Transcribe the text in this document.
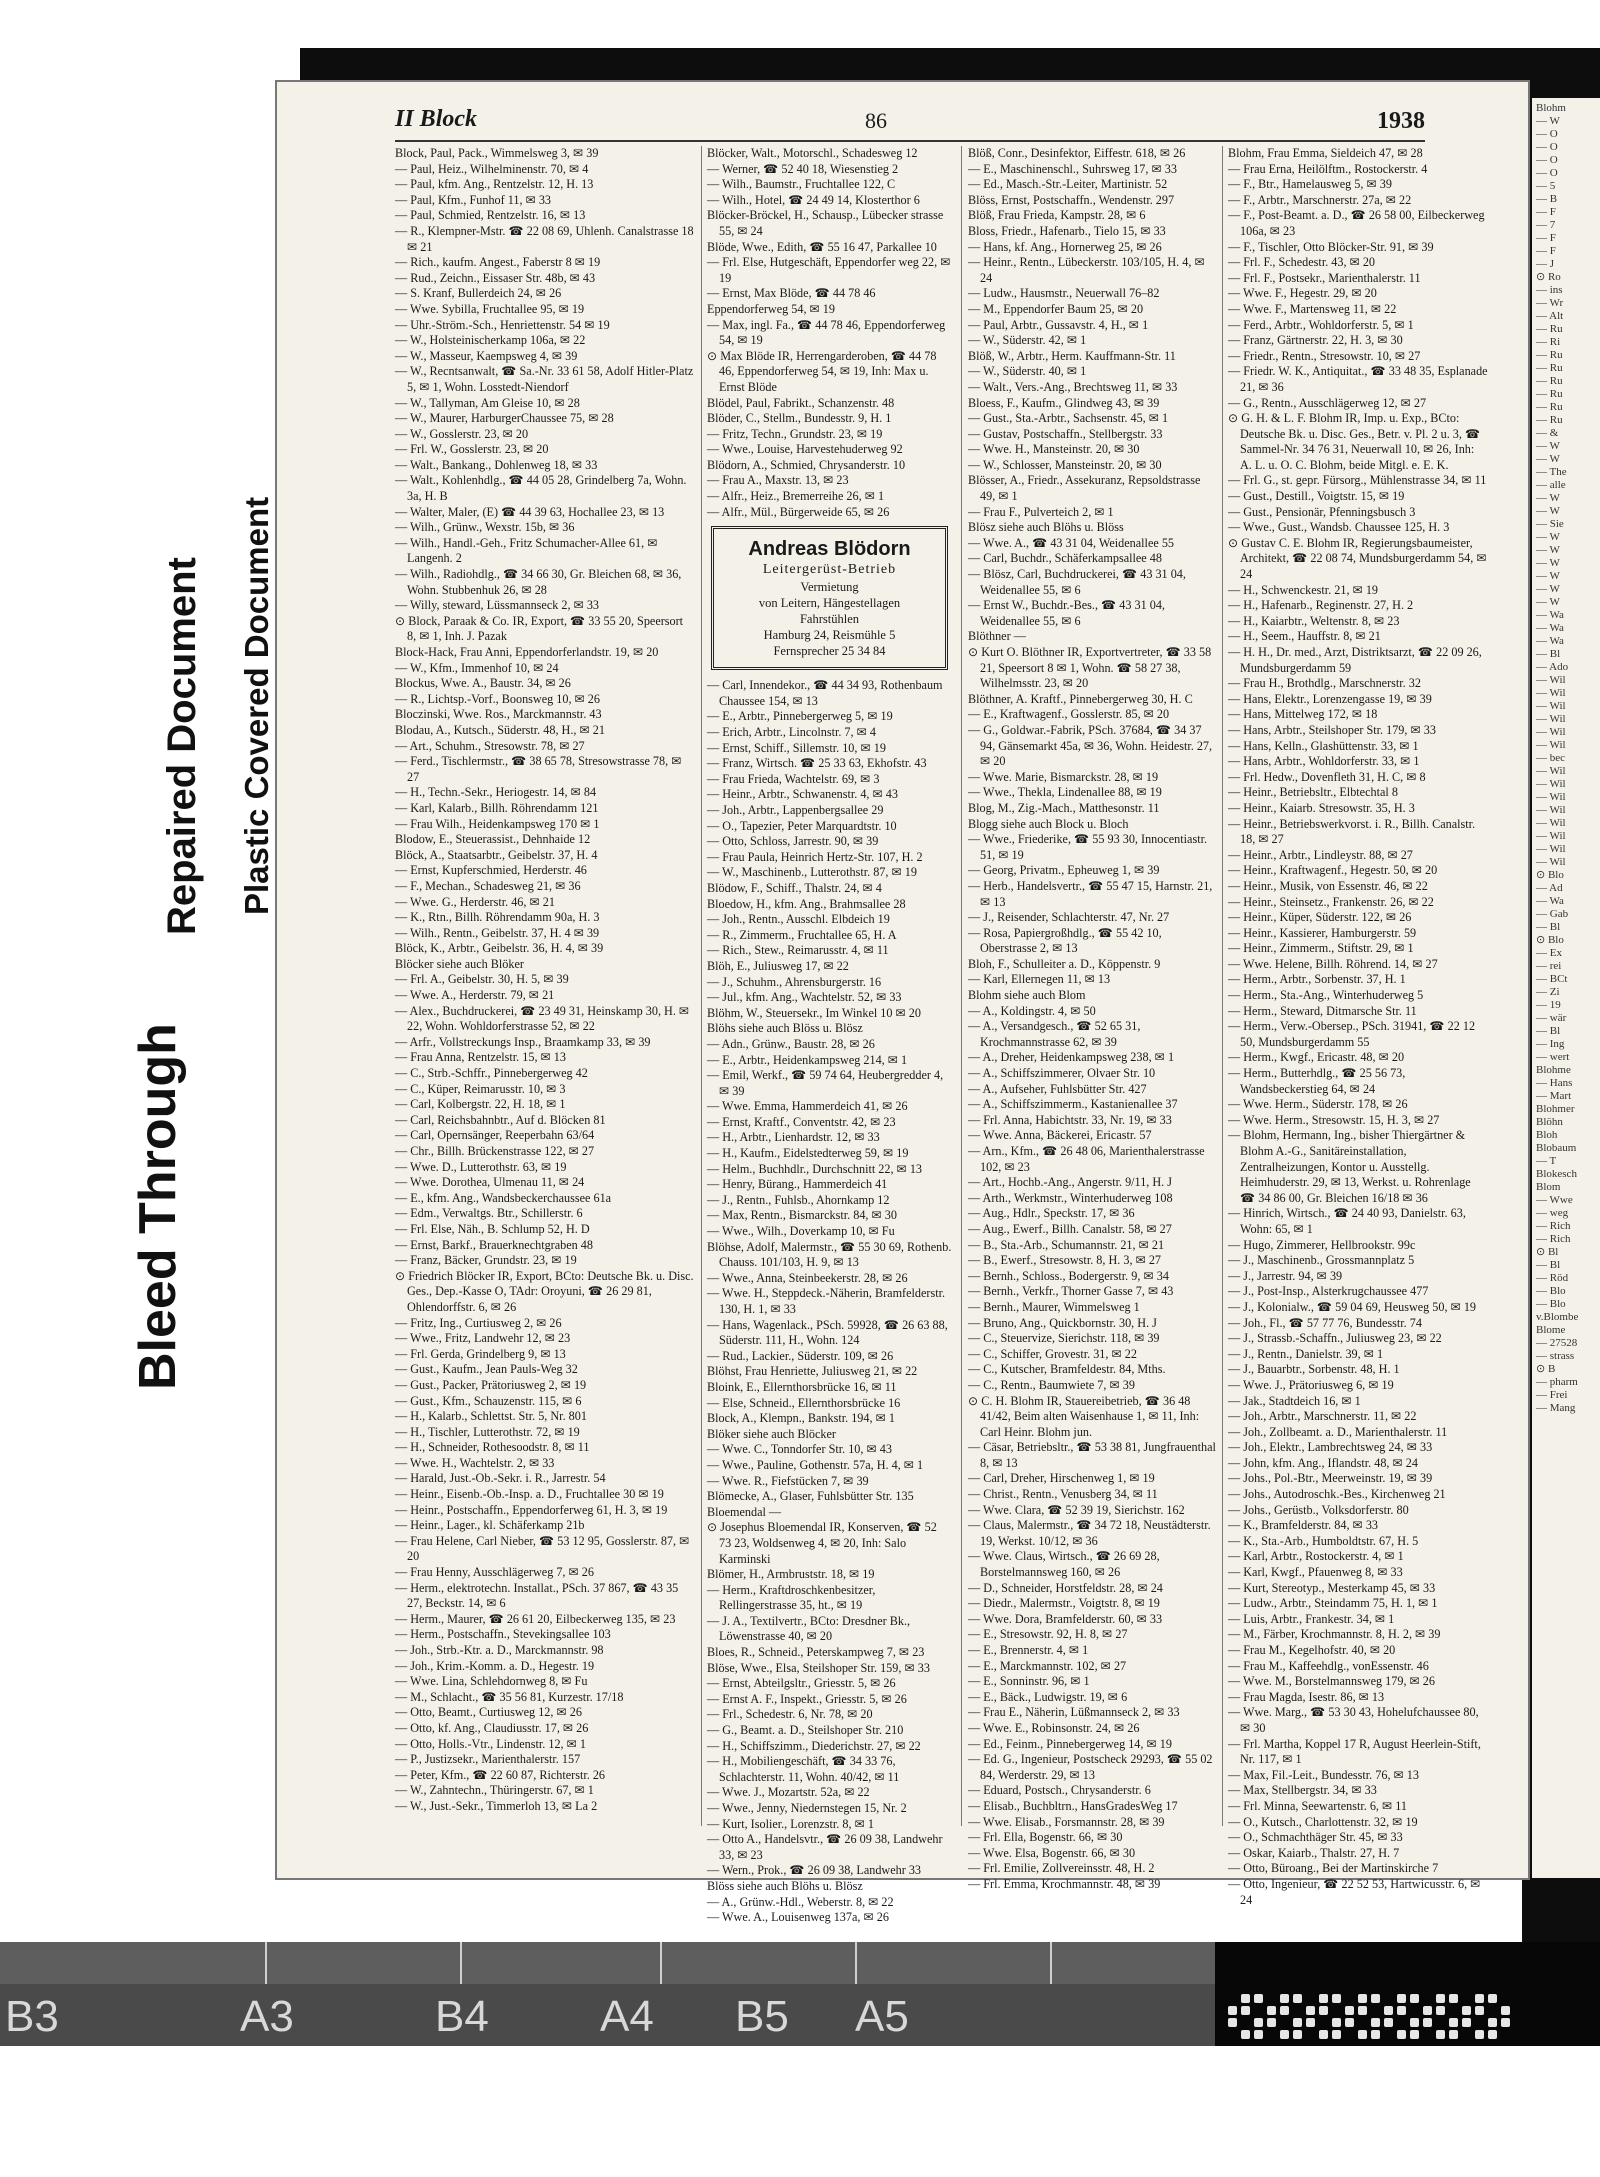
Bleed Through
Repaired Document Plastic Covered Document
II Block	86	1938
Block, Paul, Pack., Wimmelsweg 3, ✉ 39
— Paul, Heiz., Wilhelminenstr. 70, ✉ 4
— Paul, kfm. Ang., Rentzelstr. 12, H. 13
— Paul, Kfm., Funhof 11, ✉ 33
— Paul, Schmied, Rentzelstr. 16, ✉ 13
— R., Klempner-Mstr. ☎ 22 08 69, Uhlenh. Canalstrasse 18 ✉ 21
— Rich., kaufm. Angest., Faberstr 8 ✉ 19
— Rud., Zeichn., Eissaser Str. 48b, ✉ 43
— S. Kranf, Bullerdeich 24, ✉ 26
— Wwe. Sybilla, Fruchtallee 95, ✉ 19
— Uhr.-Ström.-Sch., Henriettenstr. 54 ✉ 19
— W., Holsteinischerkamp 106a, ✉ 22
— W., Masseur, Kaempsweg 4, ✉ 39
— W., Recntsanwalt, ☎ Sa.-Nr. 33 61 58, Adolf Hitler-Platz 5, ✉ 1, Wohn. Losstedt-Niendorf
— W., Tallyman, Am Gleise 10, ✉ 28
— W., Maurer, HarburgerChaussee 75, ✉ 28
— W., Gosslerstr. 23, ✉ 20
— Frl. W., Gosslerstr. 23, ✉ 20
— Walt., Bankang., Dohlenweg 18, ✉ 33
— Walt., Kohlenhdlg., ☎ 44 05 28, Grindelberg 7a, Wohn. 3a, H. B
— Walter, Maler, (E) ☎ 44 39 63, Hochallee 23, ✉ 13
— Wilh., Grünw., Wexstr. 15b, ✉ 36
— Wilh., Handl.-Geh., Fritz Schumacher-Allee 61, ✉ Langenh. 2
— Wilh., Radiohdlg., ☎ 34 66 30, Gr. Bleichen 68, ✉ 36, Wohn. Stubbenhuk 26, ✉ 28
— Willy, steward, Lüssmannseck 2, ✉ 33
⊙ Block, Paraak & Co. IR, Export, ☎ 33 55 20, Speersort 8, ✉ 1, Inh. J. Pazak
Block-Hack, Frau Anni, Eppendorferlandstr. 19, ✉ 20
— W., Kfm., Immenhof 10, ✉ 24
Blockus, Wwe. A., Baustr. 34, ✉ 26
— R., Lichtsp.-Vorf., Boonsweg 10, ✉ 26
Bloczinski, Wwe. Ros., Marckmannstr. 43
Blodau, A., Kutsch., Süderstr. 48, H., ✉ 21
— Art., Schuhm., Stresowstr. 78, ✉ 27
— Ferd., Tischlermstr., ☎ 38 65 78, Stresowstrasse 78, ✉ 27
— H., Techn.-Sekr., Heriogestr. 14, ✉ 84
— Karl, Kalarb., Billh. Röhrendamm 121
— Frau Wilh., Heidenkampsweg 170 ✉ 1
Blodow, E., Steuerassist., Dehnhaide 12
Blöck, A., Staatsarbtr., Geibelstr. 37, H. 4
— Ernst, Kupferschmied, Herderstr. 46
— F., Mechan., Schadesweg 21, ✉ 36
— Wwe. G., Herderstr. 46, ✉ 21
— K., Rtn., Billh. Röhrendamm 90a, H. 3
— Wilh., Rentn., Geibelstr. 37, H. 4 ✉ 39
Blöck, K., Arbtr., Geibelstr. 36, H. 4, ✉ 39
Blöcker siehe auch Blöker
— Frl. A., Geibelstr. 30, H. 5, ✉ 39
— Wwe. A., Herderstr. 79, ✉ 21
— Alex., Buchdruckerei, ☎ 23 49 31, Heinskamp 30, H. ✉ 22, Wohn. Wohldorferstrasse 52, ✉ 22
— Arfr., Vollstreckungs Insp., Braamkamp 33, ✉ 39
— Frau Anna, Rentzelstr. 15, ✉ 13
— C., Strb.-Schffr., Pinnebergerweg 42
— C., Küper, Reimarusstr. 10, ✉ 3
— Carl, Kolbergstr. 22, H. 18, ✉ 1
— Carl, Reichsbahnbtr., Auf d. Blöcken 81
— Carl, Opernsänger, Reeperbahn 63/64
— Chr., Billh. Brückenstrasse 122, ✉ 27
— Wwe. D., Lutterothstr. 63, ✉ 19
— Wwe. Dorothea, Ulmenau 11, ✉ 24
— E., kfm. Ang., Wandsbeckerchaussee 61a
— Edm., Verwaltgs. Btr., Schillerstr. 6
— Frl. Else, Näh., B. Schlump 52, H. D
— Ernst, Barkf., Brauerknechtgraben 48
— Franz, Bäcker, Grundstr. 23, ✉ 19
⊙ Friedrich Blöcker IR, Export, BCto: Deutsche Bk. u. Disc. Ges., Dep.-Kasse O, TAdr: Oroyuni, ☎ 26 29 81, Ohlendorffstr. 6, ✉ 26
— Fritz, Ing., Curtiusweg 2, ✉ 26
— Wwe., Fritz, Landwehr 12, ✉ 23
— Frl. Gerda, Grindelberg 9, ✉ 13
— Gust., Kaufm., Jean Pauls-Weg 32
— Gust., Packer, Prätoriusweg 2, ✉ 19
— Gust., Kfm., Schauzenstr. 115, ✉ 6
— H., Kalarb., Schlettst. Str. 5, Nr. 801
— H., Tischler, Lutterothstr. 72, ✉ 19
— H., Schneider, Rothesoodstr. 8, ✉ 11
— Wwe. H., Wachtelstr. 2, ✉ 33
— Harald, Just.-Ob.-Sekr. i. R., Jarrestr. 54
— Heinr., Eisenb.-Ob.-Insp. a. D., Fruchtallee 30 ✉ 19
— Heinr., Postschaffn., Eppendorferweg 61, H. 3, ✉ 19
— Heinr., Lager., kl. Schäferkamp 21b
— Frau Helene, Carl Nieber, ☎ 53 12 95, Gosslerstr. 87, ✉ 20
— Frau Henny, Ausschlägerweg 7, ✉ 26
— Herm., elektrotechn. Installat., PSch. 37 867, ☎ 43 35 27, Beckstr. 14, ✉ 6
— Herm., Maurer, ☎ 26 61 20, Eilbeckerweg 135, ✉ 23
— Herm., Postschaffn., Stevekingsallee 103
— Joh., Strb.-Ktr. a. D., Marckmannstr. 98
— Joh., Krim.-Komm. a. D., Hegestr. 19
— Wwe. Lina, Schlehdornweg 8, ✉ Fu
— M., Schlacht., ☎ 35 56 81, Kurzestr. 17/18
— Otto, Beamt., Curtiusweg 12, ✉ 26
— Otto, kf. Ang., Claudiusstr. 17, ✉ 26
— Otto, Holls.-Vtr., Lindenstr. 12, ✉ 1
— P., Justizsekr., Marienthalerstr. 157
— Peter, Kfm., ☎ 22 60 87, Richterstr. 26
— W., Zahntechn., Thüringerstr. 67, ✉ 1
— W., Just.-Sekr., Timmerloh 13, ✉ La 2
Blöcker, Walt., Motorschl., Schadesweg 12
— Werner, ☎ 52 40 18, Wiesenstieg 2
— Wilh., Baumstr., Fruchtallee 122, C
— Wilh., Hotel, ☎ 24 49 14, Klosterthor 6
Blöcker-Bröckel, H., Schausp., Lübecker strasse 55, ✉ 24
Blöde, Wwe., Edith, ☎ 55 16 47, Parkallee 10
— Frl. Else, Hutgeschäft, Eppendorfer weg 22, ✉ 19
— Ernst, Max Blöde, ☎ 44 78 46
Eppendorferweg 54, ✉ 19
— Max, ingl. Fa., ☎ 44 78 46, Eppendorferweg 54, ✉ 19
⊙ Max Blöde IR, Herrengarderoben, ☎ 44 78 46, Eppendorferweg 54, ✉ 19, Inh: Max u. Ernst Blöde
Blödel, Paul, Fabrikt., Schanzenstr. 48
Blöder, C., Stellm., Bundesstr. 9, H. 1
— Fritz, Techn., Grundstr. 23, ✉ 19
— Wwe., Louise, Harvestehuderweg 92
Blödorn, A., Schmied, Chrysanderstr. 10
— Frau A., Maxstr. 13, ✉ 23
— Alfr., Heiz., Bremerreihe 26, ✉ 1
— Alfr., Mül., Bürgerweide 65, ✉ 26
Andreas Blödorn
Leitergerüst-Betrieb
Vermietung
von Leitern, Hängestellagen
Fahrstühlen
Hamburg 24, Reismühle 5
Fernsprecher 25 34 84
— Carl, Innendekor., ☎ 44 34 93, Rothenbaum Chaussee 154, ✉ 13
— E., Arbtr., Pinnebergerweg 5, ✉ 19
— Erich, Arbtr., Lincolnstr. 7, ✉ 4
— Ernst, Schiff., Sillemstr. 10, ✉ 19
— Franz, Wirtsch. ☎ 25 33 63, Ekhofstr. 43
— Frau Frieda, Wachtelstr. 69, ✉ 3
— Heinr., Arbtr., Schwanenstr. 4, ✉ 43
— Joh., Arbtr., Lappenbergsallee 29
— O., Tapezier, Peter Marquardtstr. 10
— Otto, Schloss, Jarrestr. 90, ✉ 39
— Frau Paula, Heinrich Hertz-Str. 107, H. 2
— W., Maschinenb., Lutterothstr. 87, ✉ 19
Blödow, F., Schiff., Thalstr. 24, ✉ 4
Bloedow, H., kfm. Ang., Brahmsallee 28
— Joh., Rentn., Ausschl. Elbdeich 19
— R., Zimmerm., Fruchtallee 65, H. A
— Rich., Stew., Reimarusstr. 4, ✉ 11
Blöh, E., Juliusweg 17, ✉ 22
— J., Schuhm., Ahrensburgerstr. 16
— Jul., kfm. Ang., Wachtelstr. 52, ✉ 33
Blöhm, W., Steuersekr., Im Winkel 10 ✉ 20
Blöhs siehe auch Blöss u. Blösz
— Adn., Grünw., Baustr. 28, ✉ 26
— E., Arbtr., Heidenkampsweg 214, ✉ 1
— Emil, Werkf., ☎ 59 74 64, Heubergredder 4, ✉ 39
— Wwe. Emma, Hammerdeich 41, ✉ 26
— Ernst, Kraftf., Conventstr. 42, ✉ 23
— H., Arbtr., Lienhardstr. 12, ✉ 33
— H., Kaufm., Eidelstedterweg 59, ✉ 19
— Helm., Buchhdlr., Durchschnitt 22, ✉ 13
— Henry, Bürang., Hammerdeich 41
— J., Rentn., Fuhlsb., Ahornkamp 12
— Max, Rentn., Bismarckstr. 84, ✉ 30
— Wwe., Wilh., Doverkamp 10, ✉ Fu
Blöhse, Adolf, Malermstr., ☎ 55 30 69, Rothenb. Chauss. 101/103, H. 9, ✉ 13
— Wwe., Anna, Steinbeekerstr. 28, ✉ 26
— Wwe. H., Steppdeck.-Näherin, Bramfelderstr. 130, H. 1, ✉ 33
— Hans, Wagenlack., PSch. 59928, ☎ 26 63 88, Süderstr. 111, H., Wohn. 124
— Rud., Lackier., Süderstr. 109, ✉ 26
Blöhst, Frau Henriette, Juliusweg 21, ✉ 22
Bloink, E., Ellernthorsbrücke 16, ✉ 11
— Else, Schneid., Ellernthorsbrücke 16
Block, A., Klempn., Bankstr. 194, ✉ 1
Blöker siehe auch Blöcker
— Wwe. C., Tonndorfer Str. 10, ✉ 43
— Wwe., Pauline, Gothenstr. 57a, H. 4, ✉ 1
— Wwe. R., Fiefstücken 7, ✉ 39
Blömecke, A., Glaser, Fuhlsbütter Str. 135
Bloemendal —
⊙ Josephus Bloemendal IR, Konserven, ☎ 52 73 23, Woldsenweg 4, ✉ 20, Inh: Salo Karminski
Blömer, H., Armbruststr. 18, ✉ 19
— Herm., Kraftdroschkenbesitzer, Rellingerstrasse 35, ht., ✉ 19
— J. A., Textilvertr., BCto: Dresdner Bk., Löwenstrasse 40, ✉ 20
Bloes, R., Schneid., Peterskampweg 7, ✉ 23
Blöse, Wwe., Elsa, Steilshoper Str. 159, ✉ 33
— Ernst, Abteilgsltr., Griesstr. 5, ✉ 26
— Ernst A. F., Inspekt., Griesstr. 5, ✉ 26
— Frl., Schedestr. 6, Nr. 78, ✉ 20
— G., Beamt. a. D., Steilshoper Str. 210
— H., Schiffszimm., Diederichstr. 27, ✉ 22
— H., Mobiliengeschäft, ☎ 34 33 76, Schlachterstr. 11, Wohn. 40/42, ✉ 11
— Wwe. J., Mozartstr. 52a, ✉ 22
— Wwe., Jenny, Niedernstegen 15, Nr. 2
— Kurt, Isolier., Lorenzstr. 8, ✉ 1
— Otto A., Handelsvtr., ☎ 26 09 38, Landwehr 33, ✉ 23
— Wern., Prok., ☎ 26 09 38, Landwehr 33
Blöss siehe auch Blöhs u. Blösz
— A., Grünw.-Hdl., Weberstr. 8, ✉ 22
— Wwe. A., Louisenweg 137a, ✉ 26
Blöß, Conr., Desinfektor, Eiffestr. 618, ✉ 26
— E., Maschinenschl., Suhrsweg 17, ✉ 33
— Ed., Masch.-Str.-Leiter, Martinistr. 52
Blöss, Ernst, Postschaffn., Wendenstr. 297
Blöß, Frau Frieda, Kampstr. 28, ✉ 6
Bloss, Friedr., Hafenarb., Tielo 15, ✉ 33
— Hans, kf. Ang., Hornerweg 25, ✉ 26
— Heinr., Rentn., Lübeckerstr. 103/105, H. 4, ✉ 24
— Ludw., Hausmstr., Neuerwall 76–82
— M., Eppendorfer Baum 25, ✉ 20
— Paul, Arbtr., Gussavstr. 4, H., ✉ 1
— W., Süderstr. 42, ✉ 1
Blöß, W., Arbtr., Herm. Kauffmann-Str. 11
— W., Süderstr. 40, ✉ 1
— Walt., Vers.-Ang., Brechtsweg 11, ✉ 33
Bloess, F., Kaufm., Glindweg 43, ✉ 39
— Gust., Sta.-Arbtr., Sachsenstr. 45, ✉ 1
— Gustav, Postschaffn., Stellbergstr. 33
— Wwe. H., Mansteinstr. 20, ✉ 30
— W., Schlosser, Mansteinstr. 20, ✉ 30
Blösser, A., Friedr., Assekuranz, Repsoldstrasse 49, ✉ 1
— Frau F., Pulverteich 2, ✉ 1
Blösz siehe auch Blöhs u. Blöss
— Wwe. A., ☎ 43 31 04, Weidenallee 55
— Carl, Buchdr., Schäferkampsallee 48
— Blösz, Carl, Buchdruckerei, ☎ 43 31 04, Weidenallee 55, ✉ 6
— Ernst W., Buchdr.-Bes., ☎ 43 31 04, Weidenallee 55, ✉ 6
Blöthner —
⊙ Kurt O. Blöthner IR, Exportvertreter, ☎ 33 58 21, Speersort 8 ✉ 1, Wohn. ☎ 58 27 38, Wilhelmsstr. 23, ✉ 20
Blöthner, A. Kraftf., Pinnebergerweg 30, H. C
— E., Kraftwagenf., Gosslerstr. 85, ✉ 20
— G., Goldwar.-Fabrik, PSch. 37684, ☎ 34 37 94, Gänsemarkt 45a, ✉ 36, Wohn. Heidestr. 27, ✉ 20
— Wwe. Marie, Bismarckstr. 28, ✉ 19
— Wwe., Thekla, Lindenallee 88, ✉ 19
Blog, M., Zig.-Mach., Matthesonstr. 11
Blogg siehe auch Block u. Bloch
— Wwe., Friederike, ☎ 55 93 30, Innocentiastr. 51, ✉ 19
— Georg, Privatm., Epheuweg 1, ✉ 39
— Herb., Handelsvertr., ☎ 55 47 15, Harnstr. 21, ✉ 13
— J., Reisender, Schlachterstr. 47, Nr. 27
— Rosa, Papiergroßhdlg., ☎ 55 42 10, Oberstrasse 2, ✉ 13
Bloh, F., Schulleiter a. D., Köppenstr. 9
— Karl, Ellernegen 11, ✉ 13
Blohm siehe auch Blom
— A., Koldingstr. 4, ✉ 50
— A., Versandgesch., ☎ 52 65 31, Krochmannstrasse 62, ✉ 39
— A., Dreher, Heidenkampsweg 238, ✉ 1
— A., Schiffszimmerer, Olvaer Str. 10
— A., Aufseher, Fuhlsbütter Str. 427
— A., Schiffszimmerm., Kastanienallee 37
— Frl. Anna, Habichtstr. 33, Nr. 19, ✉ 33
— Wwe. Anna, Bäckerei, Ericastr. 57
— Arn., Kfm., ☎ 26 48 06, Marienthalerstrasse 102, ✉ 23
— Art., Hochb.-Ang., Angerstr. 9/11, H. J
— Arth., Werkmstr., Winterhuderweg 108
— Aug., Hdlr., Speckstr. 17, ✉ 36
— Aug., Ewerf., Billh. Canalstr. 58, ✉ 27
— B., Sta.-Arb., Schumannstr. 21, ✉ 21
— B., Ewerf., Stresowstr. 8, H. 3, ✉ 27
— Bernh., Schloss., Bodergerstr. 9, ✉ 34
— Bernh., Verkfr., Thorner Gasse 7, ✉ 43
— Bernh., Maurer, Wimmelsweg 1
— Bruno, Ang., Quickbornstr. 30, H. J
— C., Steuervize, Sierichstr. 118, ✉ 39
— C., Schiffer, Grovestr. 31, ✉ 22
— C., Kutscher, Bramfeldestr. 84, Mths.
— C., Rentn., Baumwiete 7, ✉ 39
⊙ C. H. Blohm IR, Stauereibetrieb, ☎ 36 48 41/42, Beim alten Waisenhause 1, ✉ 11, Inh: Carl Heinr. Blohm jun.
— Cäsar, Betriebsltr., ☎ 53 38 81, Jungfrauenthal 8, ✉ 13
— Carl, Dreher, Hirschenweg 1, ✉ 19
— Christ., Rentn., Venusberg 34, ✉ 11
— Wwe. Clara, ☎ 52 39 19, Sierichstr. 162
— Claus, Malermstr., ☎ 34 72 18, Neustädterstr. 19, Werkst. 10/12, ✉ 36
— Wwe. Claus, Wirtsch., ☎ 26 69 28, Borstelmannsweg 160, ✉ 26
— D., Schneider, Horstfeldstr. 28, ✉ 24
— Diedr., Malermstr., Voigtstr. 8, ✉ 19
— Wwe. Dora, Bramfelderstr. 60, ✉ 33
— E., Stresowstr. 92, H. 8, ✉ 27
— E., Brennerstr. 4, ✉ 1
— E., Marckmannstr. 102, ✉ 27
— E., Sonninstr. 96, ✉ 1
— E., Bäck., Ludwigstr. 19, ✉ 6
— Frau E., Näherin, Lüßmannseck 2, ✉ 33
— Wwe. E., Robinsonstr. 24, ✉ 26
— Ed., Feinm., Pinnebergerweg 14, ✉ 19
— Ed. G., Ingenieur, Postscheck 29293, ☎ 55 02 84, Werderstr. 29, ✉ 13
— Eduard, Postsch., Chrysanderstr. 6
— Elisab., Buchbltrn., HansGradesWeg 17
— Wwe. Elisab., Forsmannstr. 28, ✉ 39
— Frl. Ella, Bogenstr. 66, ✉ 30
— Wwe. Elsa, Bogenstr. 66, ✉ 30
— Frl. Emilie, Zollvereinsstr. 48, H. 2
— Frl. Emma, Krochmannstr. 48, ✉ 39
Blohm, Frau Emma, Sieldeich 47, ✉ 28
— Frau Erna, Heilölftm., Rostockerstr. 4
— F., Btr., Hamelausweg 5, ✉ 39
— F., Arbtr., Marschnerstr. 27a, ✉ 22
— F., Post-Beamt. a. D., ☎ 26 58 00, Eilbeckerweg 106a, ✉ 23
— F., Tischler, Otto Blöcker-Str. 91, ✉ 39
— Frl. F., Schedestr. 43, ✉ 20
— Frl. F., Postsekr., Marienthalerstr. 11
— Wwe. F., Hegestr. 29, ✉ 20
— Wwe. F., Martensweg 11, ✉ 22
— Ferd., Arbtr., Wohldorferstr. 5, ✉ 1
— Franz, Gärtnerstr. 22, H. 3, ✉ 30
— Friedr., Rentn., Stresowstr. 10, ✉ 27
— Friedr. W. K., Antiquitat., ☎ 33 48 35, Esplanade 21, ✉ 36
— G., Rentn., Ausschlägerweg 12, ✉ 27
⊙ G. H. & L. F. Blohm IR, Imp. u. Exp., BCto: Deutsche Bk. u. Disc. Ges., Betr. v. Pl. 2 u. 3, ☎ Sammel-Nr. 34 76 31, Neuerwall 10, ✉ 26, Inh: A. L. u. O. C. Blohm, beide Mitgl. e. E. K.
— Frl. G., st. gepr. Fürsorg., Mühlenstrasse 34, ✉ 11
— Gust., Destill., Voigtstr. 15, ✉ 19
— Gust., Pensionär, Pfenningsbusch 3
— Wwe., Gust., Wandsb. Chaussee 125, H. 3
⊙ Gustav C. E. Blohm IR, Regierungsbaumeister, Architekt, ☎ 22 08 74, Mundsburgerdamm 54, ✉ 24
— H., Schwenckestr. 21, ✉ 19
— H., Hafenarb., Reginenstr. 27, H. 2
— H., Kaiarbtr., Weltenstr. 8, ✉ 23
— H., Seem., Hauffstr. 8, ✉ 21
— H. H., Dr. med., Arzt, Distriktsarzt, ☎ 22 09 26, Mundsburgerdamm 59
— Frau H., Brothdlg., Marschnerstr. 32
— Hans, Elektr., Lorenzengasse 19, ✉ 39
— Hans, Mittelweg 172, ✉ 18
— Hans, Arbtr., Steilshoper Str. 179, ✉ 33
— Hans, Kelln., Glashüttenstr. 33, ✉ 1
— Hans, Arbtr., Wohldorferstr. 33, ✉ 1
— Frl. Hedw., Dovenfleth 31, H. C, ✉ 8
— Heinr., Betriebsltr., Elbtechtal 8
— Heinr., Kaiarb. Stresowstr. 35, H. 3
— Heinr., Betriebswerkvorst. i. R., Billh. Canalstr. 18, ✉ 27
— Heinr., Arbtr., Lindleystr. 88, ✉ 27
— Heinr., Kraftwagenf., Hegestr. 50, ✉ 20
— Heinr., Musik, von Essenstr. 46, ✉ 22
— Heinr., Steinsetz., Frankenstr. 26, ✉ 22
— Heinr., Küper, Süderstr. 122, ✉ 26
— Heinr., Kassierer, Hamburgerstr. 59
— Heinr., Zimmerm., Stiftstr. 29, ✉ 1
— Wwe. Helene, Billh. Röhrend. 14, ✉ 27
— Herm., Arbtr., Sorbenstr. 37, H. 1
— Herm., Sta.-Ang., Winterhuderweg 5
— Herm., Steward, Ditmarsche Str. 11
— Herm., Verw.-Obersep., PSch. 31941, ☎ 22 12 50, Mundsburgerdamm 55
— Herm., Kwgf., Ericastr. 48, ✉ 20
— Herm., Butterhdlg., ☎ 25 56 73, Wandsbeckerstieg 64, ✉ 24
— Wwe. Herm., Süderstr. 178, ✉ 26
— Wwe. Herm., Stresowstr. 15, H. 3, ✉ 27
— Blohm, Hermann, Ing., bisher Thiergärtner & Blohm A.-G., Sanitäreinstallation, Zentralheizungen, Kontor u. Ausstellg. Heimhuderstr. 29, ✉ 13, Werkst. u. Rohrenlage ☎ 34 86 00, Gr. Bleichen 16/18 ✉ 36
— Hinrich, Wirtsch., ☎ 24 40 93, Danielstr. 63, Wohn: 65, ✉ 1
— Hugo, Zimmerer, Hellbrookstr. 99c
— J., Maschinenb., Grossmannplatz 5
— J., Jarrestr. 94, ✉ 39
— J., Post-Insp., Alsterkrugchaussee 477
— J., Kolonialw., ☎ 59 04 69, Heusweg 50, ✉ 19
— Joh., Fl., ☎ 57 77 76, Bundesstr. 74
— J., Strassb.-Schaffn., Juliusweg 23, ✉ 22
— J., Rentn., Danielstr. 39, ✉ 1
— J., Bauarbtr., Sorbenstr. 48, H. 1
— Wwe. J., Prätoriusweg 6, ✉ 19
— Jak., Stadtdeich 16, ✉ 1
— Joh., Arbtr., Marschnerstr. 11, ✉ 22
— Joh., Zollbeamt. a. D., Marienthalerstr. 11
— Joh., Elektr., Lambrechtsweg 24, ✉ 33
— John, kfm. Ang., Iflandstr. 48, ✉ 24
— Johs., Pol.-Btr., Meerweinstr. 19, ✉ 39
— Johs., Autodroschk.-Bes., Kirchenweg 21
— Johs., Gerüstb., Volksdorferstr. 80
— K., Bramfelderstr. 84, ✉ 33
— K., Sta.-Arb., Humboldtstr. 67, H. 5
— Karl, Arbtr., Rostockerstr. 4, ✉ 1
— Karl, Kwgf., Pfauenweg 8, ✉ 33
— Kurt, Stereotyp., Mesterkamp 45, ✉ 33
— Ludw., Arbtr., Steindamm 75, H. 1, ✉ 1
— Luis, Arbtr., Frankestr. 34, ✉ 1
— M., Färber, Krochmannstr. 8, H. 2, ✉ 39
— Frau M., Kegelhofstr. 40, ✉ 20
— Frau M., Kaffeehdlg., vonEssenstr. 46
— Wwe. M., Borstelmannsweg 179, ✉ 26
— Frau Magda, Isestr. 86, ✉ 13
— Wwe. Marg., ☎ 53 30 43, Hohelufchaussee 80, ✉ 30
— Frl. Martha, Koppel 17 R, August Heerlein-Stift, Nr. 117, ✉ 1
— Max, Fil.-Leit., Bundesstr. 76, ✉ 13
— Max, Stellbergstr. 34, ✉ 33
— Frl. Minna, Seewartenstr. 6, ✉ 11
— O., Kutsch., Charlottenstr. 32, ✉ 19
— O., Schmachthäger Str. 45, ✉ 33
— Oskar, Kaiarb., Thalstr. 27, H. 7
— Otto, Büroang., Bei der Martinskirche 7
— Otto, Ingenieur, ☎ 22 52 53, Hartwicusstr. 6, ✉ 24
Blohm
— W
— O
— O
— O
— O
— 5
— B
— F
— 7
— F
— F
— J
⊙ Ro
— ins
— Wr
— Alt
— Ru
— Ri
— Ru
— Ru
— Ru
— Ru
— Ru
— Ru
— &
— W
— W
— The
— alle
— W
— W
— Sie
— W
— W
— W
— W
— W
— W
— Wa
— Wa
— Wa
— Bl
— Ado
— Wil
— Wil
— Wil
— Wil
— Wil
— Wil
— bec
— Wil
— Wil
— Wil
— Wil
— Wil
— Wil
— Wil
— Wil
⊙ Blo
— Ad
— Wa
— Gab
— Bl
⊙ Blo
— Ex
— rei
— BCt
— Zi
— 19
— wär
— Bl
— Ing
— wert
Blohme
— Hans
— Mart
Blohmer
Blöhn
Bloh
Blobaum
— T
Blokesch
Blom
— Wwe
— weg
— Rich
— Rich
⊙ Bl
— Bl
— Röd
— Blo
— Blo
v.Blombe
Blome
— 27528
— strass
⊙ B
— pharm
— Frei
— Mang
B3	A3	B4	A4 B5 A5
